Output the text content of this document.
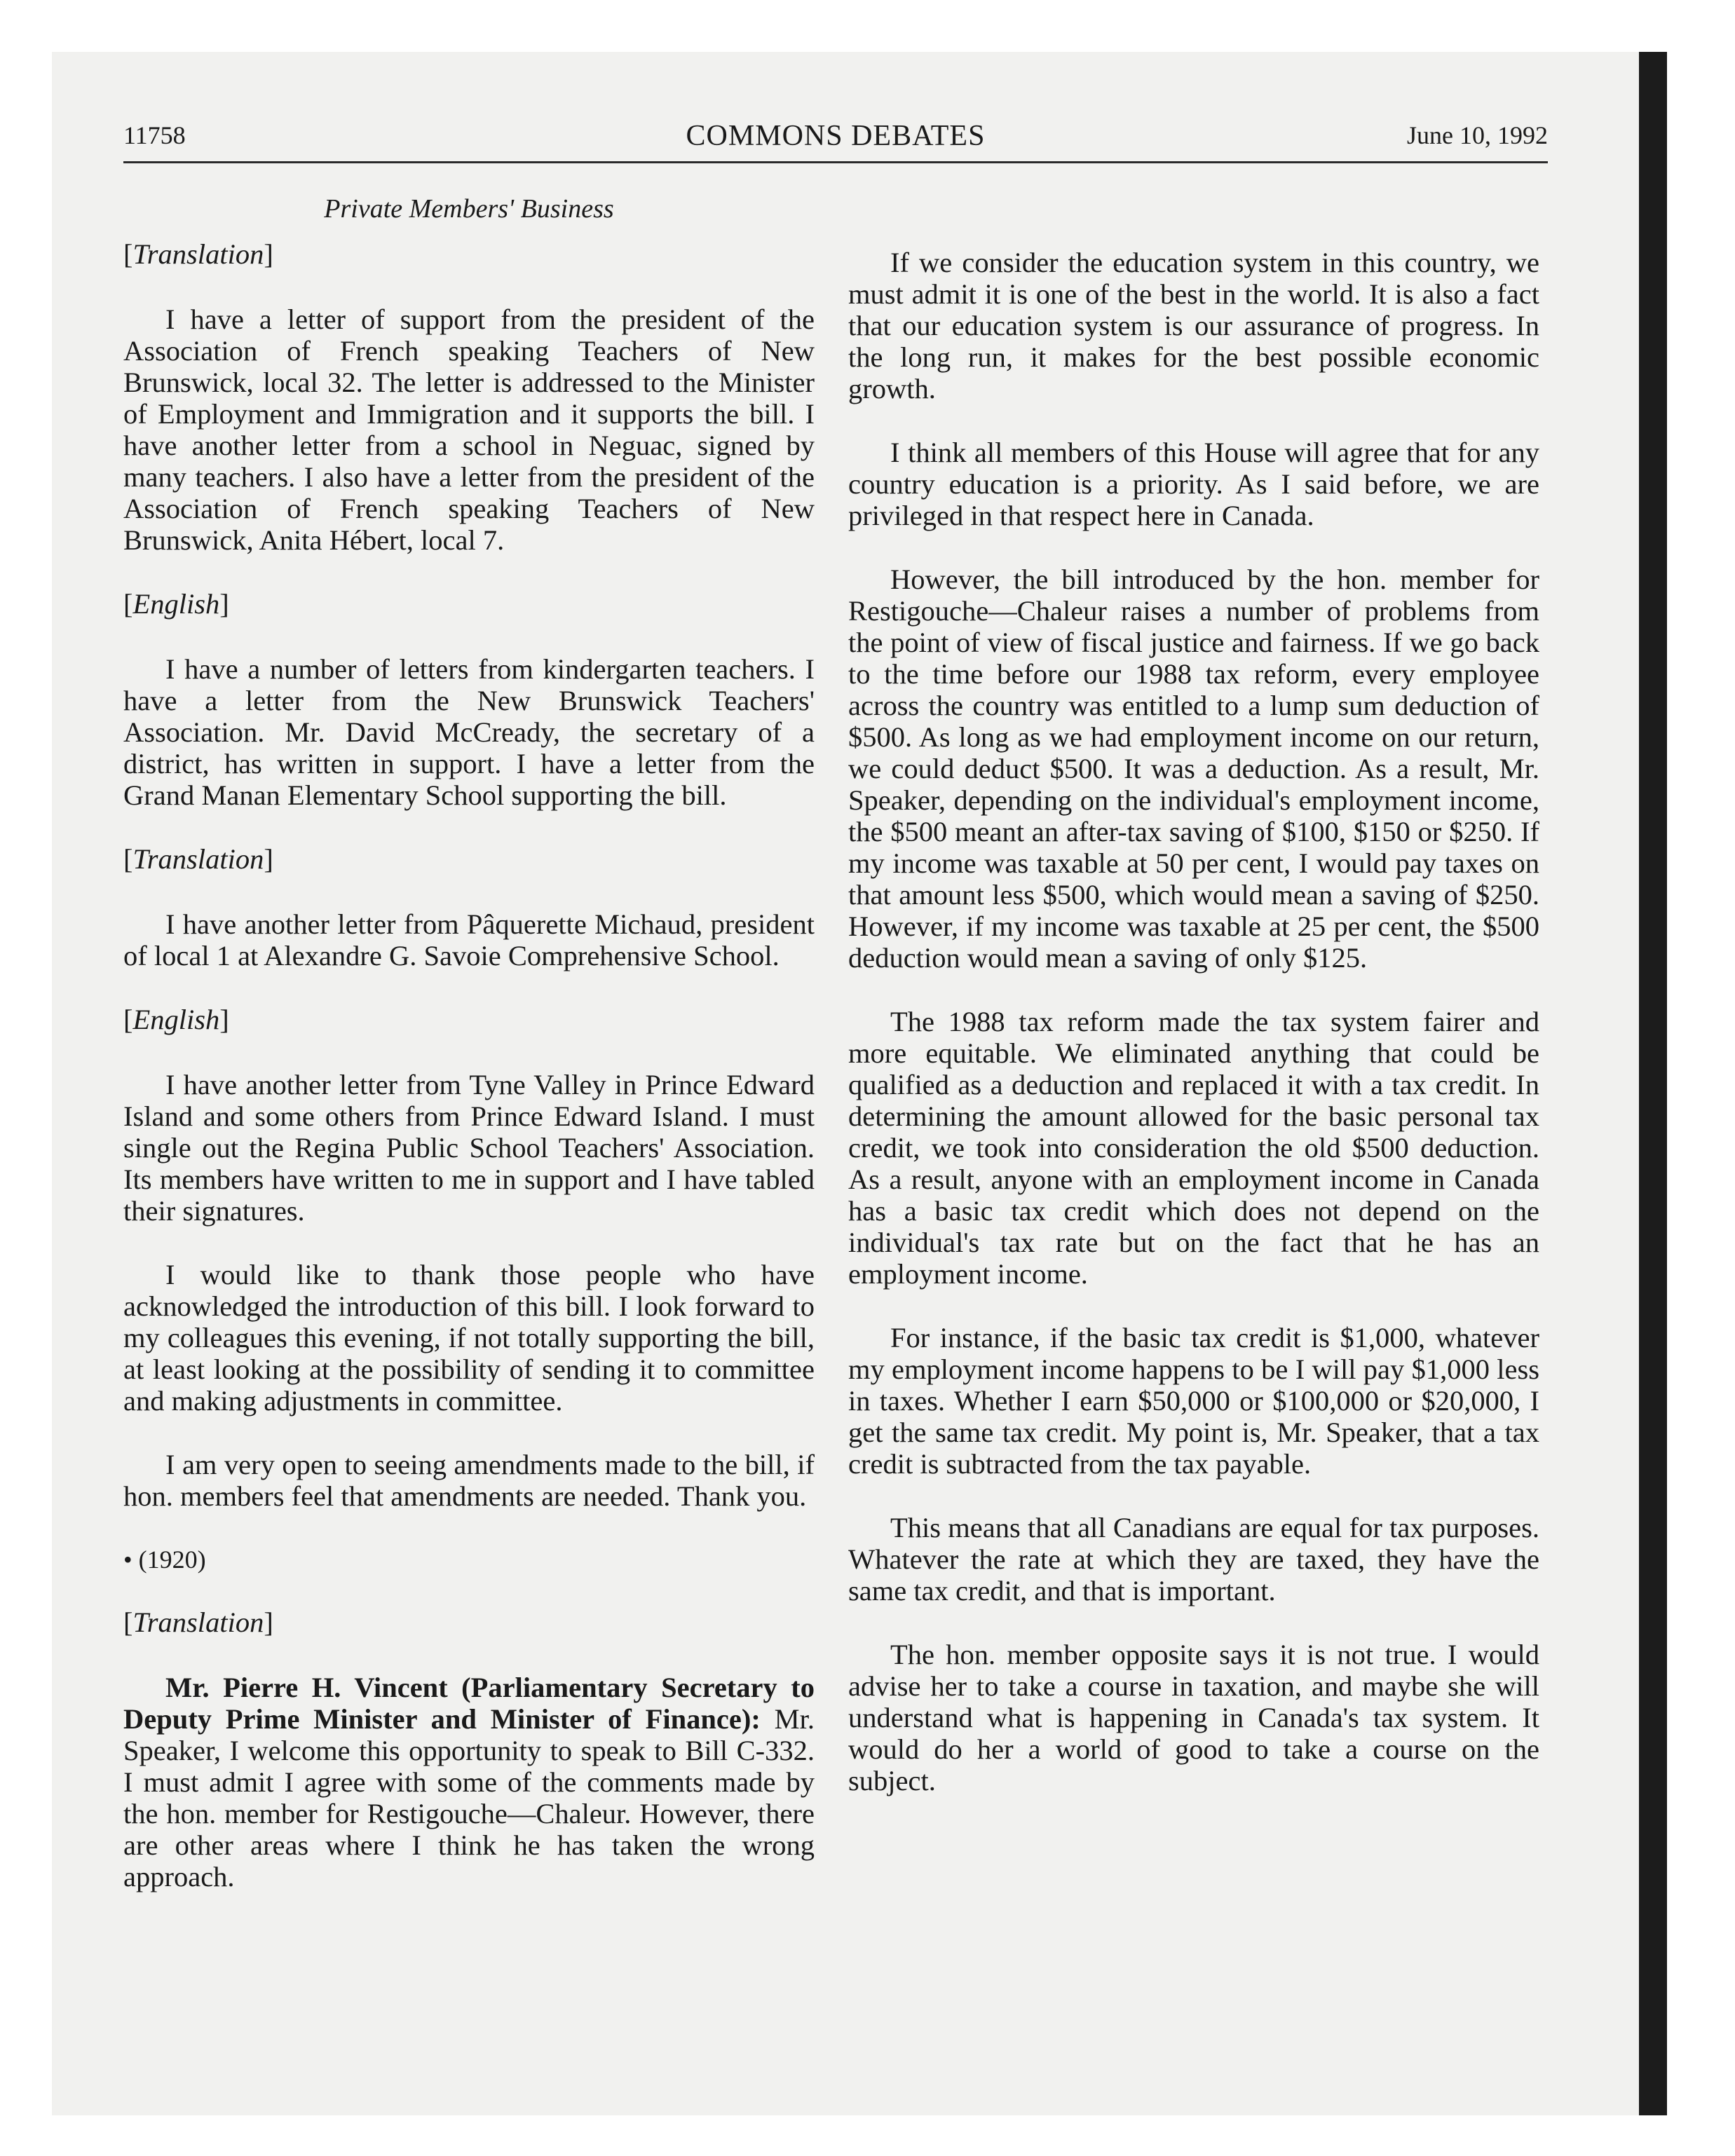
11758	COMMONS DEBATES	June 10, 1992
Private Members' Business
[Translation]

I have a letter of support from the president of the Association of French speaking Teachers of New Brunswick, local 32. The letter is addressed to the Minister of Employment and Immigration and it supports the bill. I have another letter from a school in Neguac, signed by many teachers. I also have a letter from the president of the Association of French speaking Teachers of New Brunswick, Anita Hébert, local 7.

[English]

I have a number of letters from kindergarten teachers. I have a letter from the New Brunswick Teachers' Association. Mr. David McCready, the secretary of a district, has written in support. I have a letter from the Grand Manan Elementary School supporting the bill.

[Translation]

I have another letter from Pâquerette Michaud, president of local 1 at Alexandre G. Savoie Comprehensive School.

[English]

I have another letter from Tyne Valley in Prince Edward Island and some others from Prince Edward Island. I must single out the Regina Public School Teachers' Association. Its members have written to me in support and I have tabled their signatures.

I would like to thank those people who have acknowledged the introduction of this bill. I look forward to my colleagues this evening, if not totally supporting the bill, at least looking at the possibility of sending it to committee and making adjustments in committee.

I am very open to seeing amendments made to the bill, if hon. members feel that amendments are needed. Thank you.

• (1920)
[Translation]

Mr. Pierre H. Vincent (Parliamentary Secretary to Deputy Prime Minister and Minister of Finance): Mr. Speaker, I welcome this opportunity to speak to Bill C-332. I must admit I agree with some of the comments made by the hon. member for Restigouche—Chaleur. However, there are other areas where I think he has taken the wrong approach.

If we consider the education system in this country, we must admit it is one of the best in the world. It is also a fact that our education system is our assurance of progress. In the long run, it makes for the best possible economic growth.

I think all members of this House will agree that for any country education is a priority. As I said before, we are privileged in that respect here in Canada.

However, the bill introduced by the hon. member for Restigouche—Chaleur raises a number of problems from the point of view of fiscal justice and fairness. If we go back to the time before our 1988 tax reform, every employee across the country was entitled to a lump sum deduction of $500. As long as we had employment income on our return, we could deduct $500. It was a deduction. As a result, Mr. Speaker, depending on the individual's employment income, the $500 meant an after-tax saving of $100, $150 or $250. If my income was taxable at 50 per cent, I would pay taxes on that amount less $500, which would mean a saving of $250. However, if my income was taxable at 25 per cent, the $500 deduction would mean a saving of only $125.

The 1988 tax reform made the tax system fairer and more equitable. We eliminated anything that could be qualified as a deduction and replaced it with a tax credit. In determining the amount allowed for the basic personal tax credit, we took into consideration the old $500 deduction. As a result, anyone with an employment income in Canada has a basic tax credit which does not depend on the individual's tax rate but on the fact that he has an employment income.

For instance, if the basic tax credit is $1,000, whatever my employment income happens to be I will pay $1,000 less in taxes. Whether I earn $50,000 or $100,000 or $20,000, I get the same tax credit. My point is, Mr. Speaker, that a tax credit is subtracted from the tax payable.

This means that all Canadians are equal for tax purposes. Whatever the rate at which they are taxed, they have the same tax credit, and that is important.

The hon. member opposite says it is not true. I would advise her to take a course in taxation, and maybe she will understand what is happening in Canada's tax system. It would do her a world of good to take a course on the subject.
